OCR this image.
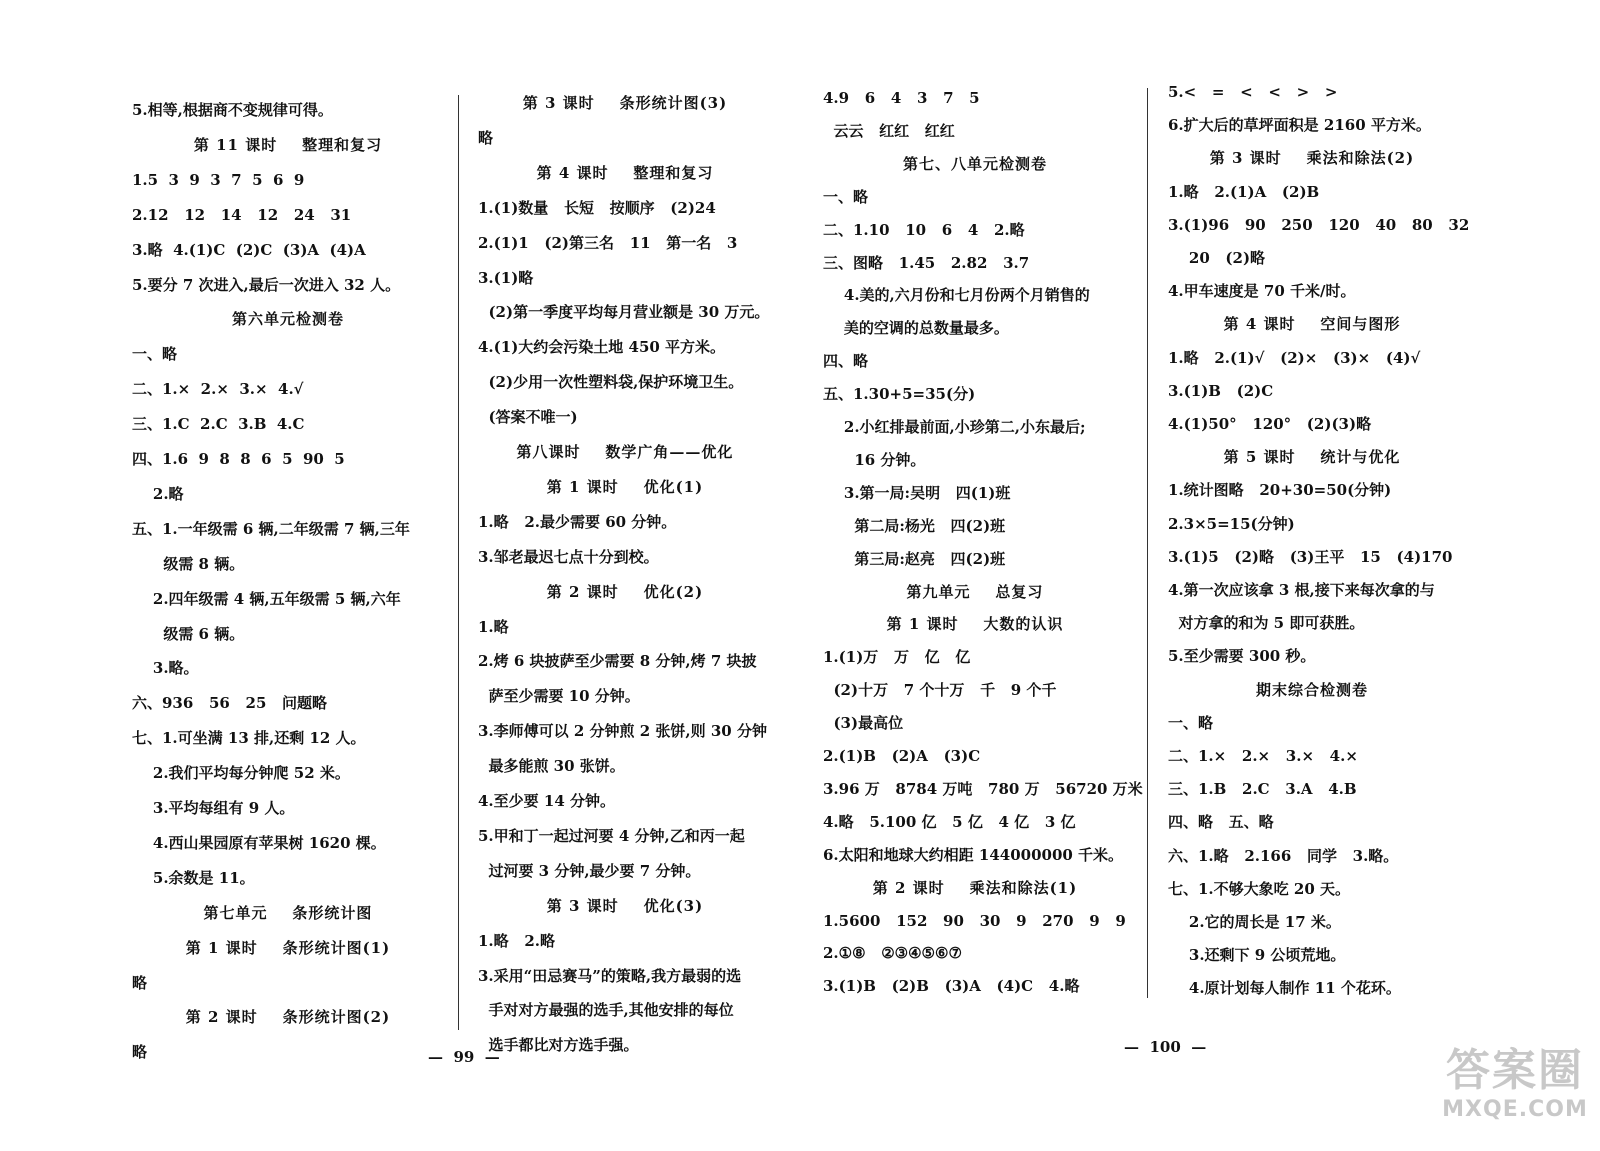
5.相等,根据商不变规律可得。
第 11 课时    整理和复习
1.5  3  9  3  7  5  6  9
2.12   12   14   12   24   31
3.略  4.(1)C  (2)C  (3)A  (4)A
5.要分 7 次进入,最后一次进入 32 人。
第六单元检测卷
一、略
二、1.×  2.×  3.×  4.√
三、1.C  2.C  3.B  4.C
四、1.6  9  8  8  6  5  90  5
2.略
五、1.一年级需 6 辆,二年级需 7 辆,三年
级需 8 辆。
2.四年级需 4 辆,五年级需 5 辆,六年
级需 6 辆。
3.略。
六、936   56   25   问题略
七、1.可坐满 13 排,还剩 12 人。
2.我们平均每分钟爬 52 米。
3.平均每组有 9 人。
4.西山果园原有苹果树 1620 棵。
5.余数是 11。
第七单元    条形统计图
第 1 课时    条形统计图(1)
略
第 2 课时    条形统计图(2)
略
第 3 课时    条形统计图(3)
略
第 4 课时    整理和复习
1.(1)数量   长短   按顺序   (2)24
2.(1)1   (2)第三名   11   第一名   3
3.(1)略
(2)第一季度平均每月营业额是 30 万元。
4.(1)大约会污染土地 450 平方米。
(2)少用一次性塑料袋,保护环境卫生。
(答案不唯一)
第八课时    数学广角——优化
第 1 课时    优化(1)
1.略   2.最少需要 60 分钟。
3.邹老最迟七点十分到校。
第 2 课时    优化(2)
1.略
2.烤 6 块披萨至少需要 8 分钟,烤 7 块披
萨至少需要 10 分钟。
3.李师傅可以 2 分钟煎 2 张饼,则 30 分钟
最多能煎 30 张饼。
4.至少要 14 分钟。
5.甲和丁一起过河要 4 分钟,乙和丙一起
过河要 3 分钟,最少要 7 分钟。
第 3 课时    优化(3)
1.略   2.略
3.采用“田忌赛马”的策略,我方最弱的选
手对对方最强的选手,其他安排的每位
选手都比对方选手强。
4.9   6   4   3   7   5
云云   红红   红红
第七、八单元检测卷
一、略
二、1.10   10   6   4   2.略
三、图略   1.45   2.82   3.7
4.美的,六月份和七月份两个月销售的
美的空调的总数量最多。
四、略
五、1.30+5=35(分)
2.小红排最前面,小珍第二,小东最后;
16 分钟。
3.第一局:吴明   四(1)班
第二局:杨光   四(2)班
第三局:赵亮   四(2)班
第九单元    总复习
第 1 课时    大数的认识
1.(1)万   万   亿   亿
(2)十万   7 个十万   千   9 个千
(3)最高位
2.(1)B   (2)A   (3)C
3.96 万   8784 万吨   780 万   56720 万米
4.略   5.100 亿   5 亿   4 亿   3 亿
6.太阳和地球大约相距 144000000 千米。
第 2 课时    乘法和除法(1)
1.5600   152   90   30   9   270   9   9
2.①⑧   ②③④⑤⑥⑦
3.(1)B   (2)B   (3)A   (4)C   4.略
5.<   =   <   <   >   >
6.扩大后的草坪面积是 2160 平方米。
第 3 课时    乘法和除法(2)
1.略   2.(1)A   (2)B
3.(1)96   90   250   120   40   80   32
20   (2)略
4.甲车速度是 70 千米/时。
第 4 课时    空间与图形
1.略   2.(1)√   (2)×   (3)×   (4)√
3.(1)B   (2)C
4.(1)50°   120°   (2)(3)略
第 5 课时    统计与优化
1.统计图略   20+30=50(分钟)
2.3×5=15(分钟)
3.(1)5   (2)略   (3)王平   15   (4)170
4.第一次应该拿 3 根,接下来每次拿的与
对方拿的和为 5 即可获胜。
5.至少需要 300 秒。
期末综合检测卷
一、略
二、1.×   2.×   3.×   4.×
三、1.B   2.C   3.A   4.B
四、略   五、略
六、1.略   2.166   同学   3.略。
七、1.不够大象吃 20 天。
2.它的周长是 17 米。
3.还剩下 9 公顷荒地。
4.原计划每人制作 11 个花环。
—  99  —
—  100  —	答案圈
MXQE.COM
